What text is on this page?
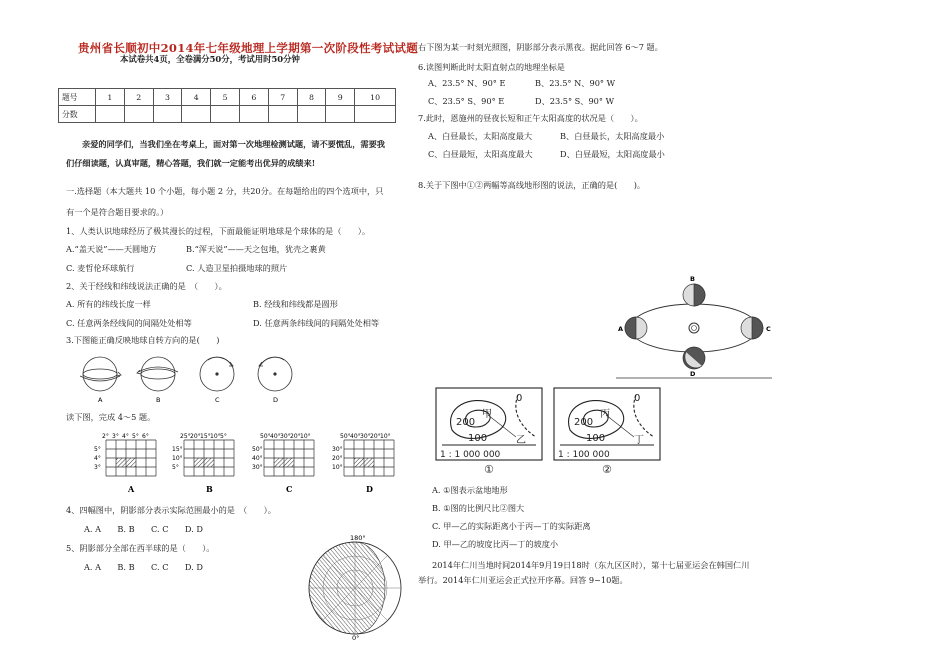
贵州省长顺初中2014年七年级地理上学期第一次阶段性考试试题
本试卷共4页，全卷满分50分，考试用时50分钟
题号	1	2	3	4	5	6	7	8	9	10
分数										
亲爱的同学们，当我们坐在考桌上，面对第一次地理检测试题，请不要慌乱，需要我
们仔细读题，认真审题，精心答题，我们就一定能考出优异的成绩来!
一.选择题（本大题共 10 个小题，每小题 2 分，共20分。在每题给出的四个选项中，只
有一个是符合题目要求的。）
1、人类认识地球经历了极其漫长的过程，下面最能证明地球是个球体的是（　　）。
A.“盖天说”——天圆地方	B.“浑天说”——天之包地，犹壳之裹黄
C. 麦哲伦环球航行	C. 人造卫星拍摄地球的照片
2、关于经线和纬线说法正确的是　（　　）。
A. 所有的纬线长度一样	B. 经线和纬线都是圆形
C. 任意两条经线间的间隔处处相等	D. 任意两条纬线间的间隔处处相等
3.下图能正确反映地球自转方向的是(　　)
A	B	C	D
读下图，完成 4～5 题。
2° 3° 4° 5° 6°
5°
4°
3°
A
25° 20° 15° 10° 5°
15°
10°
5°
B
50° 40° 30° 20° 10°
50°
40°
30°
C
50° 40° 30° 20° 10°
30°
20°
10°
D
4、四幅图中，阴影部分表示实际范围最小的是　（　　）。
A. A　　B. B　　C. C　　D. D
5、阴影部分全部在西半球的是（　　）。
A. A　　B. B　　C. C　　D. D
180°
0°
右下图为某一时刻光照图，阴影部分表示黑夜。据此回答 6～7 题。
6.读图判断此时太阳直射点的地理坐标是
A、23.5° N、90° E	B、23.5° N、90° W
C、23.5° S、90° E	D、23.5° S、90° W
7.此时，恩施州的昼夜长短和正午太阳高度的状况是（　　）。
A、白昼最长，太阳高度最大	B、白昼最长，太阳高度最小
C、白昼最短，太阳高度最大	D、白昼最短，太阳高度最小
8.关于下图中①②两幅等高线地形图的说法，正确的是(　　)。
B
A	C
D
0
200
100
甲
乙
1 : 1 000 000
0
200
100
丙
丁
1 : 100 000
①	②
A. ①图表示盆地地形
B. ①图的比例尺比②图大
C. 甲—乙的实际距离小于丙—丁的实际距离
D. 甲—乙的坡度比丙—丁的坡度小
2014年仁川当地时间2014年9月19日18时（东九区区时），第十七届亚运会在韩国仁川
举行。2014年仁川亚运会正式拉开序幕。回答 9~10题。
